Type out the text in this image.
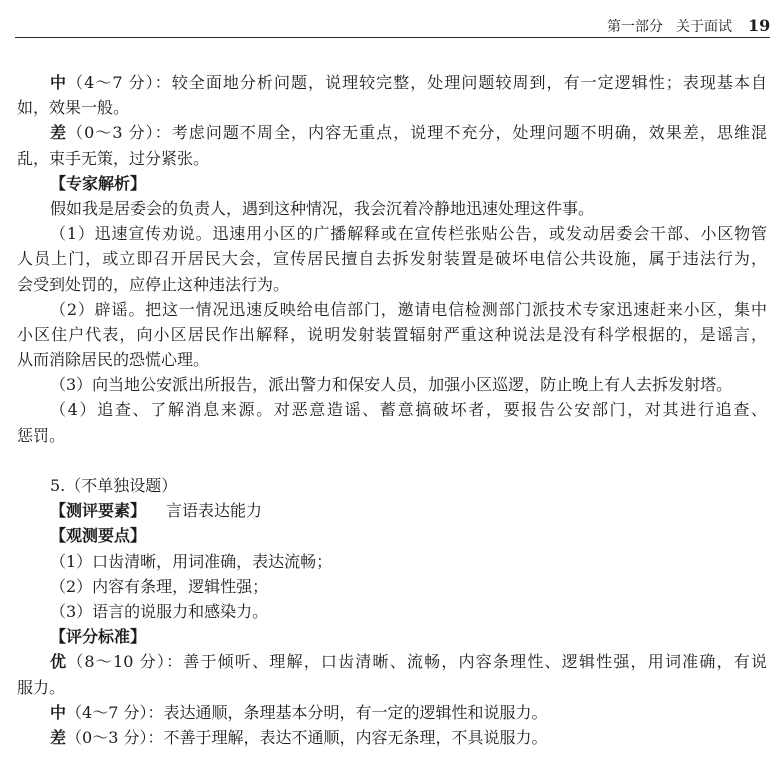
第一部分 关于面试 19
中（4～7 分）：较全面地分析问题，说理较完整，处理问题较周到，有一定逻辑性；表现基本自
如，效果一般。
差（0～3 分）：考虑问题不周全，内容无重点，说理不充分，处理问题不明确，效果差，思维混
乱，束手无策，过分紧张。
【专家解析】
假如我是居委会的负责人，遇到这种情况，我会沉着冷静地迅速处理这件事。
（1）迅速宣传劝说。迅速用小区的广播解释或在宣传栏张贴公告，或发动居委会干部、小区物管
人员上门，或立即召开居民大会，宣传居民擅自去拆发射装置是破坏电信公共设施，属于违法行为，
会受到处罚的，应停止这种违法行为。
（2）辟谣。把这一情况迅速反映给电信部门，邀请电信检测部门派技术专家迅速赶来小区，集中
小区住户代表，向小区居民作出解释，说明发射装置辐射严重这种说法是没有科学根据的，是谣言，
从而消除居民的恐慌心理。
（3）向当地公安派出所报告，派出警力和保安人员，加强小区巡逻，防止晚上有人去拆发射塔。
（4）追查、了解消息来源。对恶意造谣、蓄意搞破坏者，要报告公安部门，对其进行追查、
惩罚。
5.（不单独设题）
【测评要素】 言语表达能力
【观测要点】
（1）口齿清晰，用词准确，表达流畅；
（2）内容有条理，逻辑性强；
（3）语言的说服力和感染力。
【评分标准】
优（8～10 分）：善于倾听、理解，口齿清晰、流畅，内容条理性、逻辑性强，用词准确，有说
服力。
中（4～7 分）：表达通顺，条理基本分明，有一定的逻辑性和说服力。
差（0～3 分）：不善于理解，表达不通顺，内容无条理，不具说服力。
